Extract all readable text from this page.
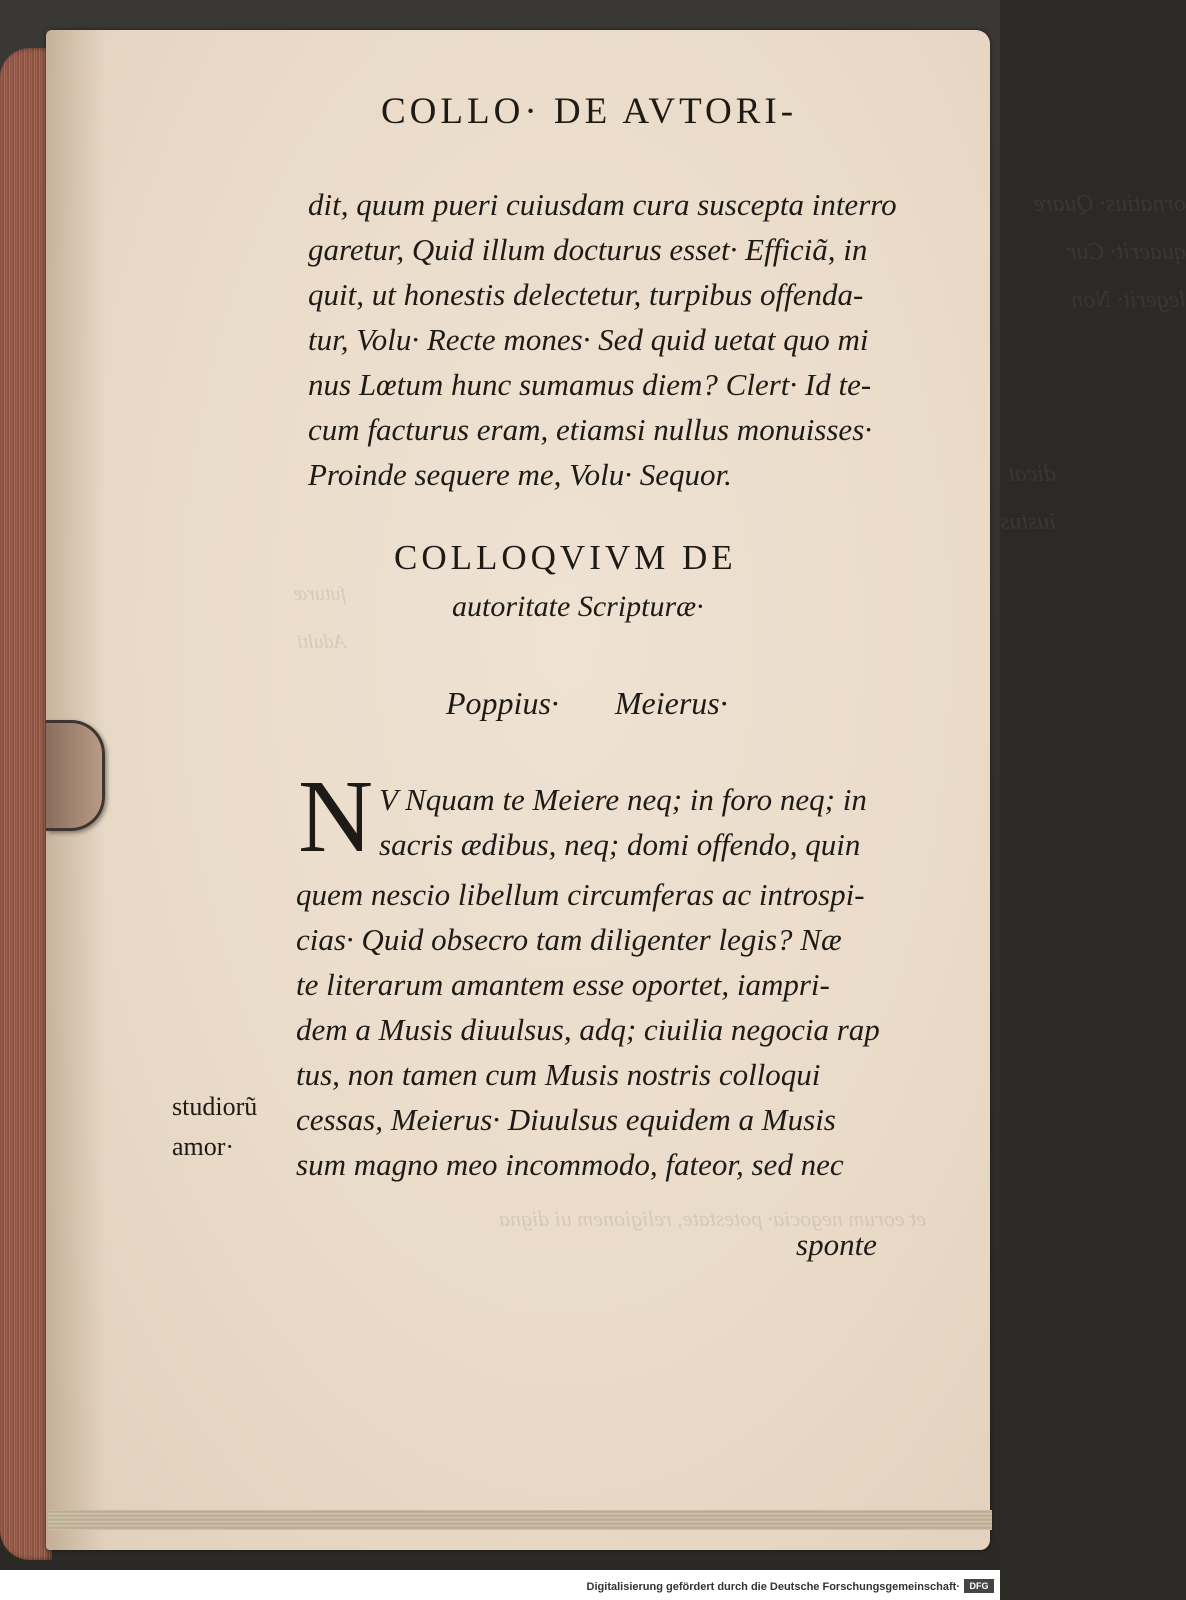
ornatius· Quare
quaerit· Cur
legerit· Non
dicat
iustus
futuræ
Adulti
et eorum negocia· potestate, religionem ui digna
COLLO· DE AVTORI-
dit, quum pueri cuiusdam cura suscepta interro
garetur, Quid illum docturus esset· Efficiã, in
quit, ut honestis delectetur, turpibus offenda-
tur, Volu· Recte mones· Sed quid uetat quo mi
nus Lœtum hunc sumamus diem? Clert· Id te-
cum facturus eram, etiamsi nullus monuisses·
Proinde sequere me, Volu· Sequor.
COLLOQVIVM DE
autoritate Scripturæ·
Poppius· Meierus·
N V Nquam te Meiere neq; in foro neq; in
sacris ædibus, neq; domi offendo, quin
quem nescio libellum circumferas ac introspi-
cias· Quid obsecro tam diligenter legis? Næ
te literarum amantem esse oportet, iampri-
dem a Musis diuulsus, adq; ciuilia negocia rap
tus, non tamen cum Musis nostris colloqui
cessas, Meierus· Diuulsus equidem a Musis
sum magno meo incommodo, fateor, sed nec
studiorũ
amor·
sponte
Digitalisierung gefördert durch die Deutsche Forschungsgemeinschaft·	DFG
